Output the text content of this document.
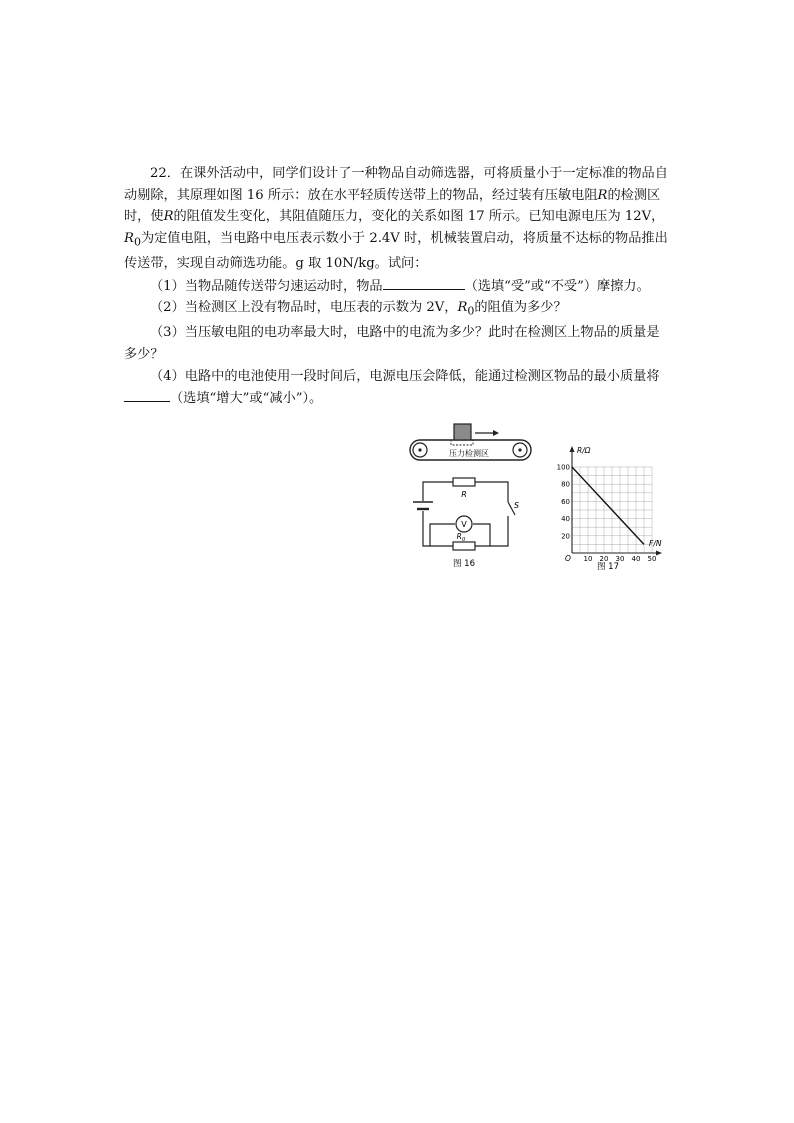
22．在课外活动中，同学们设计了一种物品自动筛选器，可将质量小于一定标准的物品自动剔除，其原理如图 16 所示：放在水平轻质传送带上的物品，经过装有压敏电阻R的检测区时，使R的阻值发生变化，其阻值随压力，变化的关系如图 17 所示。已知电源电压为 12V，$R_0$为定值电阻，当电路中电压表示数小于 2.4V 时，机械装置启动，将质量不达标的物品推出传送带，实现自动筛选功能。g 取 10N/kg。试问：

（1）当物品随传送带匀速运动时，物品	（选填“受”或“不受”）摩擦力。

（2）当检测区上没有物品时，电压表的示数为 2V，$R_0$的阻值为多少？

（3）当压敏电阻的电功率最大时，电路中的电流为多少？此时在检测区上物品的质量是多少？

（4）电路中的电池使用一段时间后，电源电压会降低，能通过检测区物品的最小质量将（选填“增大”或“减小”）。

压力检测区
R
S
V
$R_0$
图 16
R/Ω
F/N
O 10 20 30 40 50
20
40
60
80
100
图 17
